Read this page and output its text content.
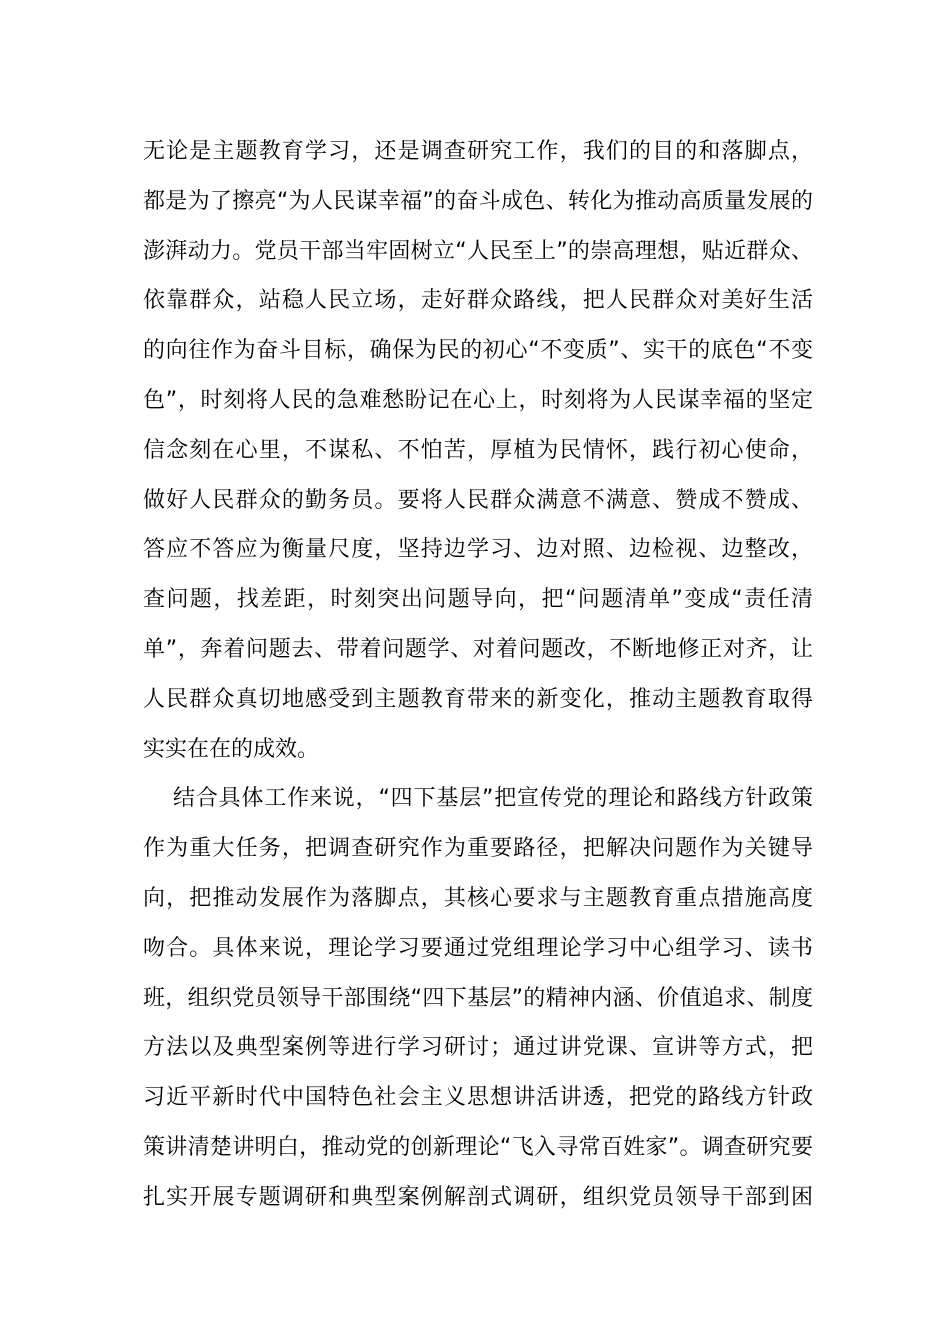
无论是主题教育学习，还是调查研究工作，我们的目的和落脚点，
都是为了擦亮“为人民谋幸福”的奋斗成色、转化为推动高质量发展的
澎湃动力。党员干部当牢固树立“人民至上”的崇高理想，贴近群众、
依靠群众，站稳人民立场，走好群众路线，把人民群众对美好生活
的向往作为奋斗目标，确保为民的初心“不变质”、实干的底色“不变
色”，时刻将人民的急难愁盼记在心上，时刻将为人民谋幸福的坚定
信念刻在心里，不谋私、不怕苦，厚植为民情怀，践行初心使命，
做好人民群众的勤务员。要将人民群众满意不满意、赞成不赞成、
答应不答应为衡量尺度，坚持边学习、边对照、边检视、边整改，
查问题，找差距，时刻突出问题导向，把“问题清单”变成“责任清
单”，奔着问题去、带着问题学、对着问题改，不断地修正对齐，让
人民群众真切地感受到主题教育带来的新变化，推动主题教育取得
实实在在的成效。
结合具体工作来说，“四下基层”把宣传党的理论和路线方针政策
作为重大任务，把调查研究作为重要路径，把解决问题作为关键导
向，把推动发展作为落脚点，其核心要求与主题教育重点措施高度
吻合。具体来说，理论学习要通过党组理论学习中心组学习、读书
班，组织党员领导干部围绕“四下基层”的精神内涵、价值追求、制度
方法以及典型案例等进行学习研讨；通过讲党课、宣讲等方式，把
习近平新时代中国特色社会主义思想讲活讲透，把党的路线方针政
策讲清楚讲明白，推动党的创新理论“飞入寻常百姓家”。调查研究要
扎实开展专题调研和典型案例解剖式调研，组织党员领导干部到困
